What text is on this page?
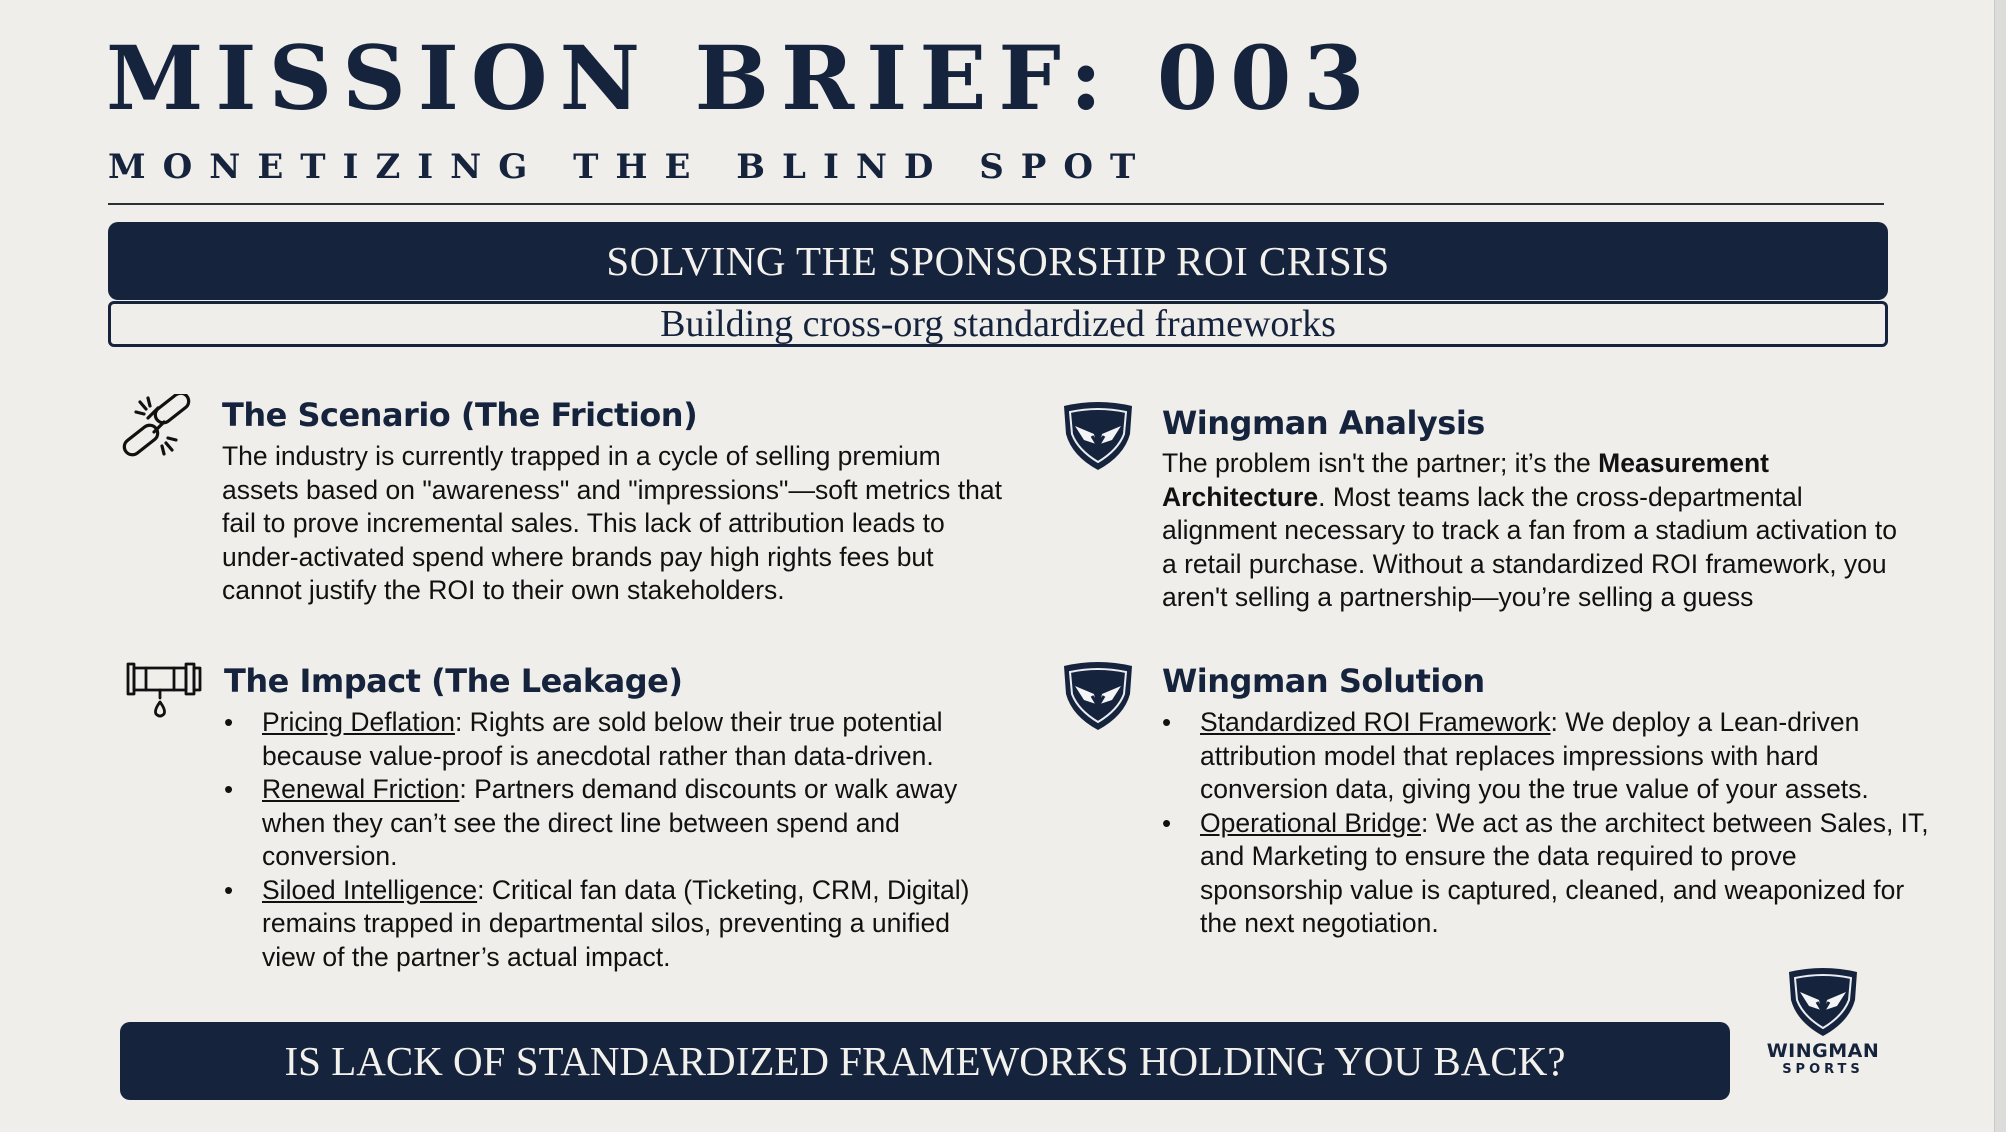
MISSION BRIEF: 003
MONETIZING THE BLIND SPOT
SOLVING THE SPONSORSHIP ROI CRISIS
Building cross-org standardized frameworks
The Scenario (The Friction)
The industry is currently trapped in a cycle of selling premium assets based on "awareness" and "impressions"—soft metrics that fail to prove incremental sales. This lack of attribution leads to under-activated spend where brands pay high rights fees but cannot justify the ROI to their own stakeholders.
Wingman Analysis

The problem isn't the partner; it’s the Measurement Architecture. Most teams lack the cross-departmental alignment necessary to track a fan from a stadium activation to a retail purchase. Without a standardized ROI framework, you aren't selling a partnership—you’re selling a guess

The Impact (The Leakage)
• Pricing Deflation: Rights are sold below their true potential because value-proof is anecdotal rather than data-driven.
• Renewal Friction: Partners demand discounts or walk away when they can’t see the direct line between spend and conversion.
• Siloed Intelligence: Critical fan data (Ticketing, CRM, Digital) remains trapped in departmental silos, preventing a unified view of the partner’s actual impact.
Wingman Solution
• Standardized ROI Framework: We deploy a Lean-driven attribution model that replaces impressions with hard conversion data, giving you the true value of your assets.
• Operational Bridge: We act as the architect between Sales, IT, and Marketing to ensure the data required to prove sponsorship value is captured, cleaned, and weaponized for the next negotiation.
IS LACK OF STANDARDIZED FRAMEWORKS HOLDING YOU BACK?	WINGMAN
SPORTS
